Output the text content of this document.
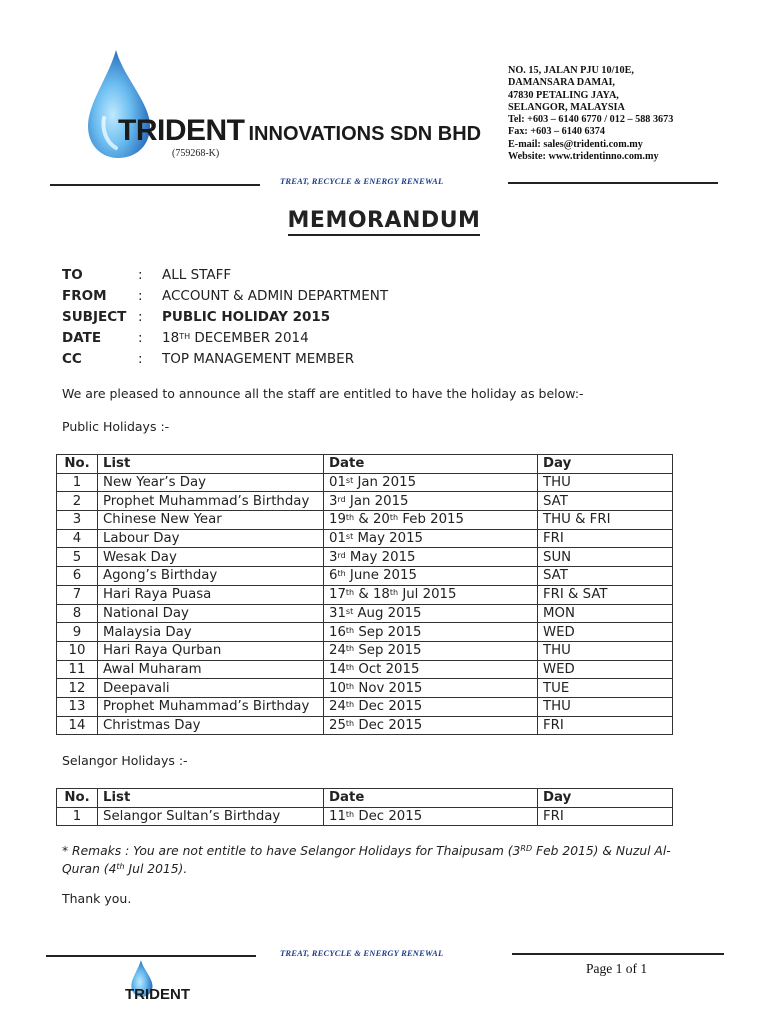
TRIDENT INNOVATIONS SDN BHD
(759268-K)
NO. 15, JALAN PJU 10/10E,
DAMANSARA DAMAI,
47830 PETALING JAYA,
SELANGOR, MALAYSIA
Tel: +603 – 6140 6770 / 012 – 588 3673
Fax: +603 – 6140 6374
E-mail: sales@tridenti.com.my
Website: www.tridentinno.com.my
TREAT, RECYCLE & ENERGY RENEWAL
MEMORANDUM
TO	: ALL STAFF
FROM : ACCOUNT & ADMIN DEPARTMENT
SUBJECT : PUBLIC HOLIDAY 2015
DATE	: 18TH DECEMBER 2014
CC	: TOP MANAGEMENT MEMBER
We are pleased to announce all the staff are entitled to have the holiday as below:-
Public Holidays :-
No.	List	Date	Day
1	New Year’s Day	01st Jan 2015	THU
2	Prophet Muhammad’s Birthday	3rd Jan 2015	SAT
3	Chinese New Year	19th & 20th Feb 2015	THU & FRI
4	Labour Day	01st May 2015	FRI
5	Wesak Day	3rd May 2015	SUN
6	Agong’s Birthday	6th June 2015	SAT
7	Hari Raya Puasa	17th & 18th Jul 2015	FRI & SAT
8	National Day	31st Aug 2015	MON
9	Malaysia Day	16th Sep 2015	WED
10	Hari Raya Qurban	24th Sep 2015	THU
11	Awal Muharam	14th Oct 2015	WED
12	Deepavali	10th Nov 2015	TUE
13	Prophet Muhammad’s Birthday	24th Dec 2015	THU
14	Christmas Day	25th Dec 2015	FRI
Selangor Holidays :-
No.	List	Date	Day
1	Selangor Sultan’s Birthday	11th Dec 2015	FRI
* Remaks : You are not entitle to have Selangor Holidays for Thaipusam (3RD Feb 2015) & Nuzul Al-Quran (4th Jul 2015).
Thank you.
TREAT, RECYCLE & ENERGY RENEWAL
Page 1 of 1
TRIDENT
